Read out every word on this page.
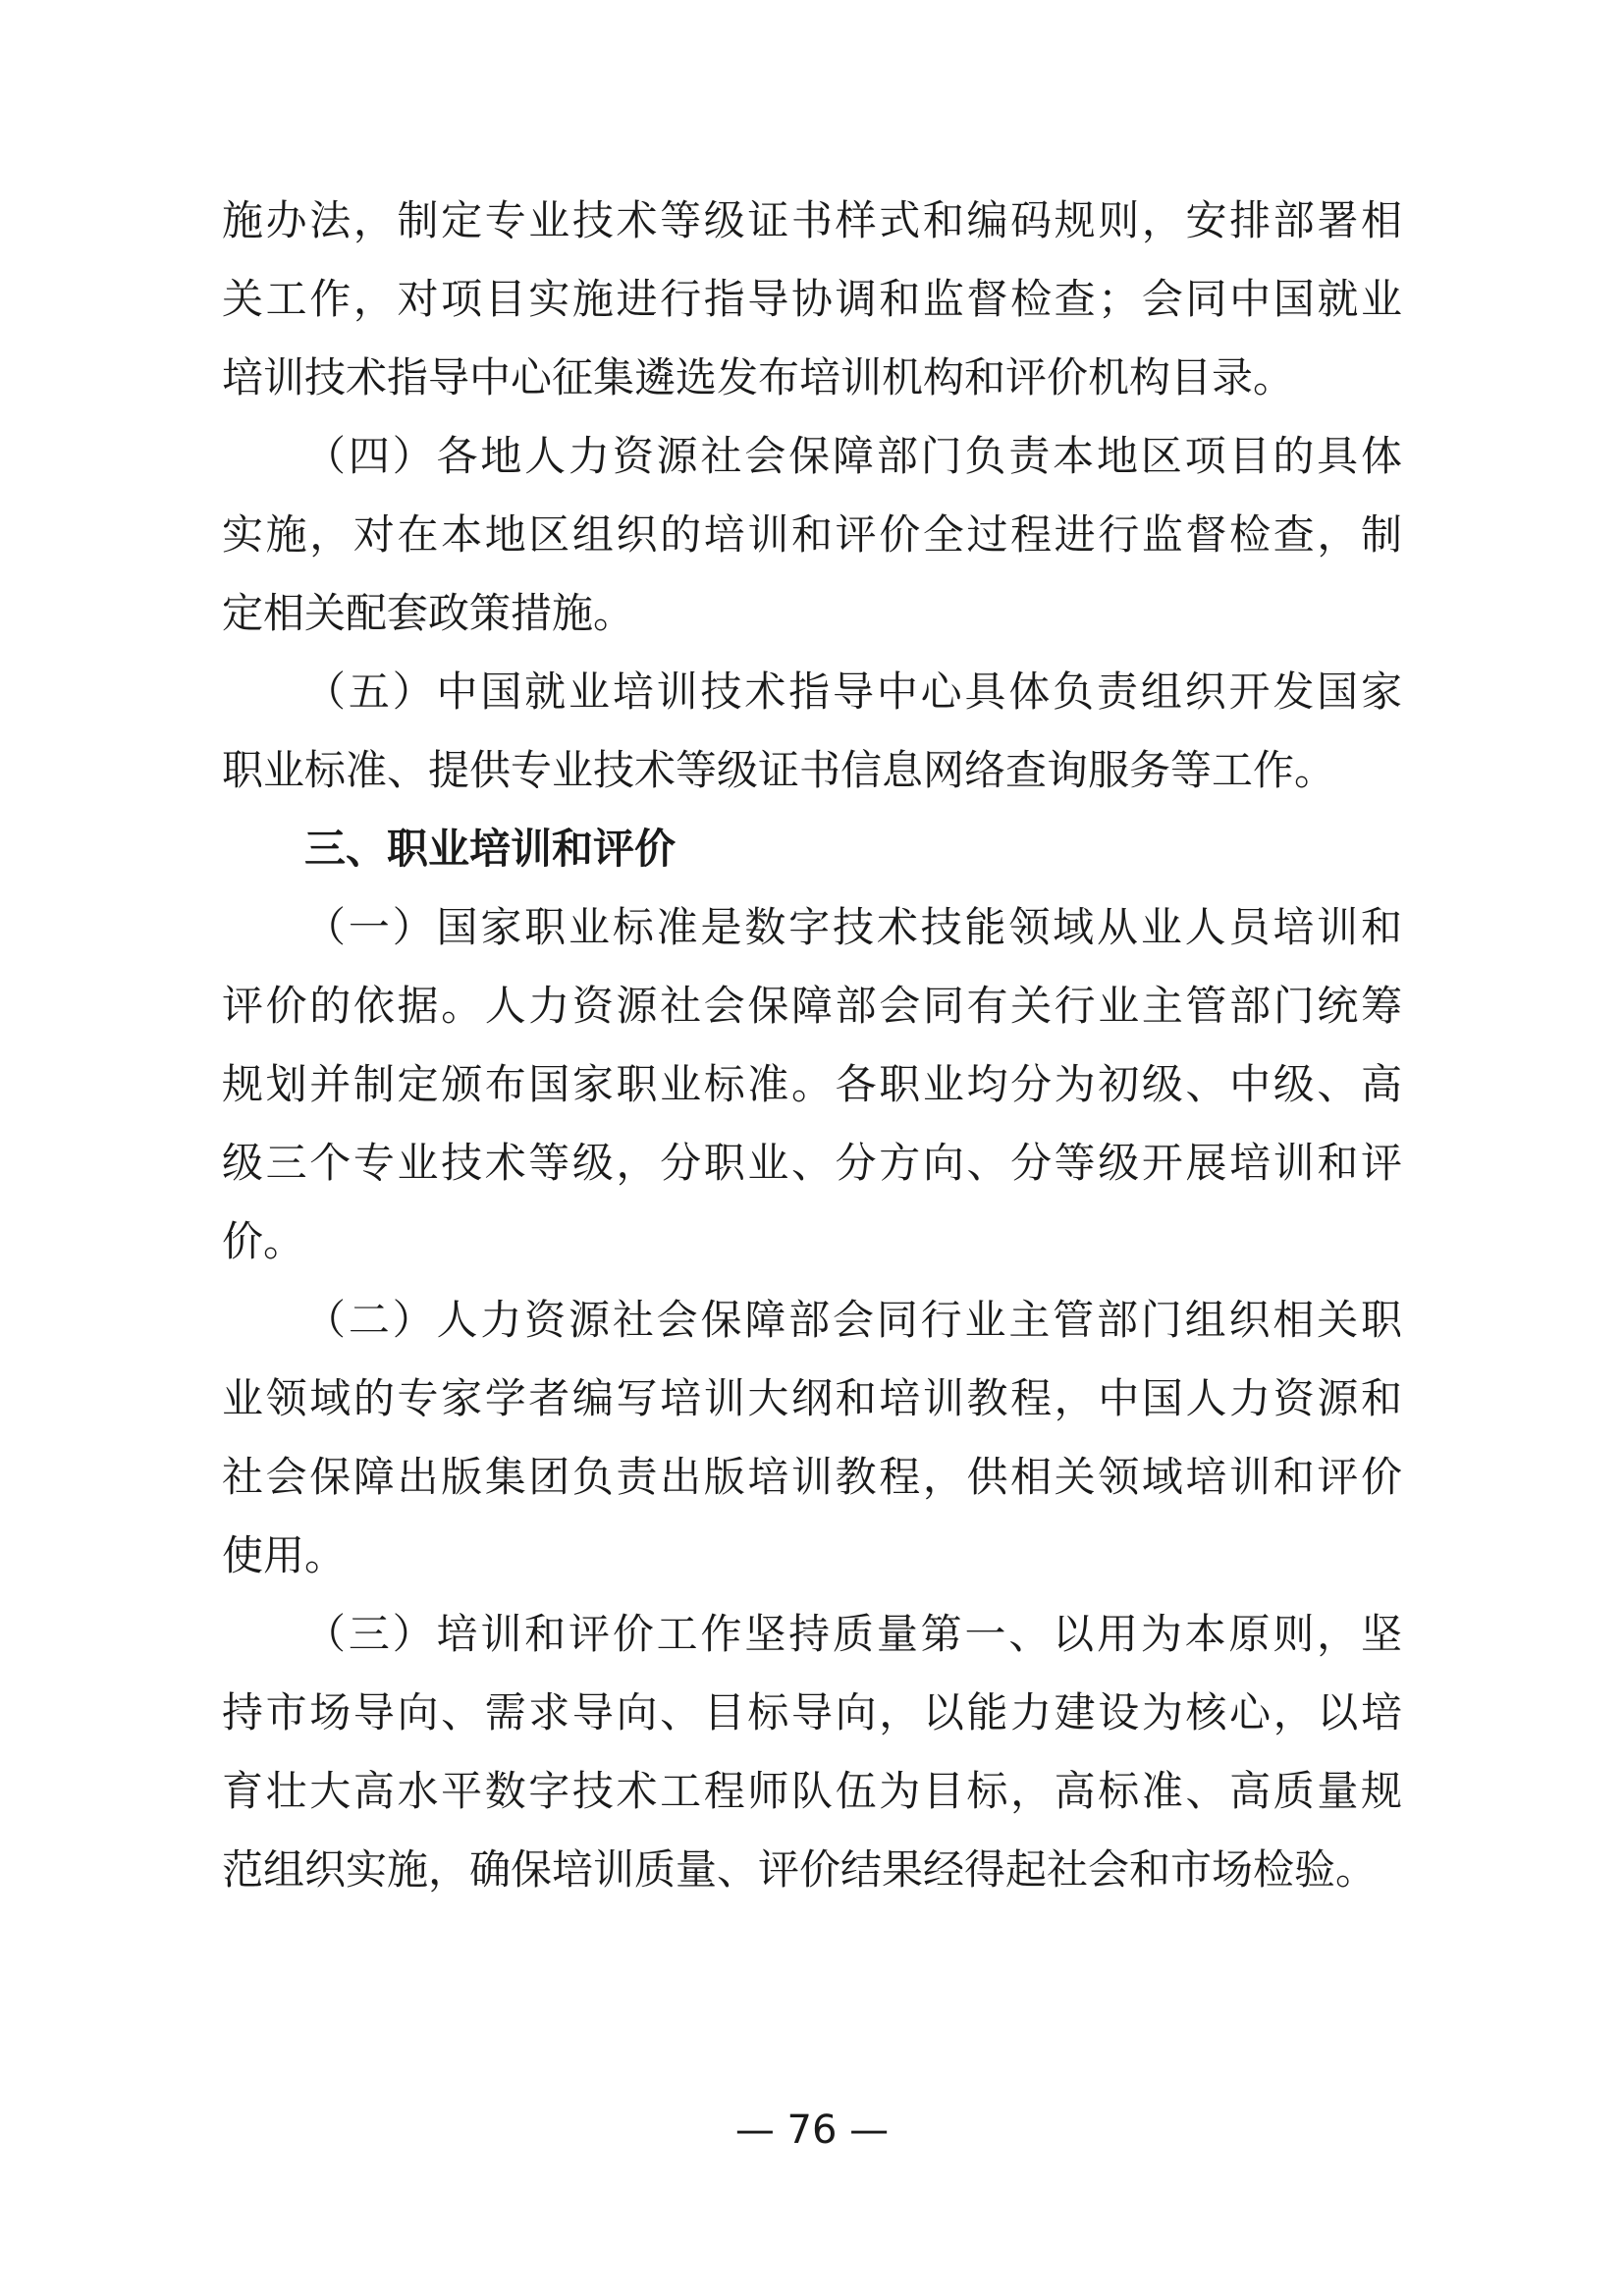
施办法，制定专业技术等级证书样式和编码规则，安排部署相
关工作，对项目实施进行指导协调和监督检查；会同中国就业
培训技术指导中心征集遴选发布培训机构和评价机构目录。
（四）各地人力资源社会保障部门负责本地区项目的具体
实施，对在本地区组织的培训和评价全过程进行监督检查，制
定相关配套政策措施。
（五）中国就业培训技术指导中心具体负责组织开发国家
职业标准、提供专业技术等级证书信息网络查询服务等工作。
三、职业培训和评价
（一）国家职业标准是数字技术技能领域从业人员培训和
评价的依据。人力资源社会保障部会同有关行业主管部门统筹
规划并制定颁布国家职业标准。各职业均分为初级、中级、高
级三个专业技术等级，分职业、分方向、分等级开展培训和评
价。
（二）人力资源社会保障部会同行业主管部门组织相关职
业领域的专家学者编写培训大纲和培训教程，中国人力资源和
社会保障出版集团负责出版培训教程，供相关领域培训和评价
使用。
（三）培训和评价工作坚持质量第一、以用为本原则，坚
持市场导向、需求导向、目标导向，以能力建设为核心，以培
育壮大高水平数字技术工程师队伍为目标，高标准、高质量规
范组织实施，确保培训质量、评价结果经得起社会和市场检验。
— 76 —
